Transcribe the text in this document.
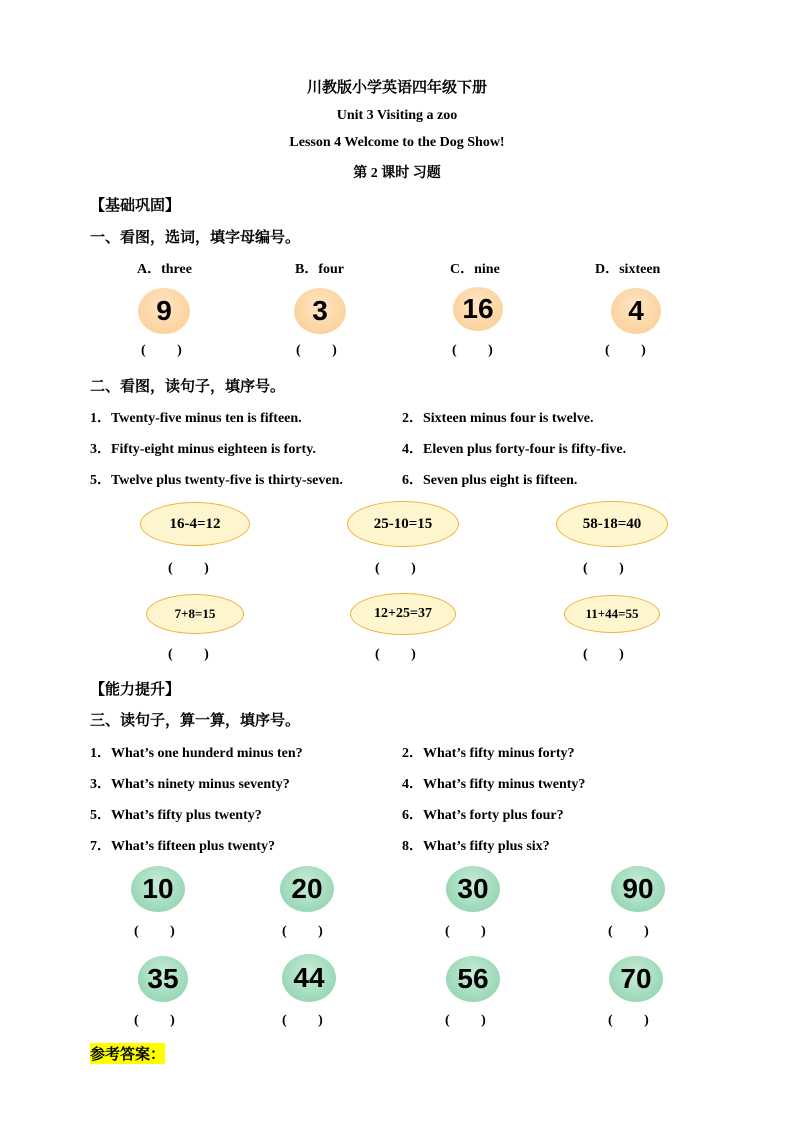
川教版小学英语四年级下册
Unit 3 Visiting a zoo
Lesson 4 Welcome to the Dog Show!
第 2 课时 习题
【基础巩固】
一、看图，选词，填字母编号。
A．three	B．four	C．nine	D．sixteen
9	3	16	4
(         )	(         )	(         )	(         )
二、看图，读句子，填序号。
1．Twenty-five minus ten is fifteen.	2．Sixteen minus four is twelve.
3．Fifty-eight minus eighteen is forty.	4．Eleven plus forty-four is fifty-five.
5．Twelve plus twenty-five is thirty-seven.	6．Seven plus eight is fifteen.
16-4=12	25-10=15	58-18=40
(         )	(         )	(         )
7+8=15	12+25=37	11+44=55
(         )	(         )	(         )
【能力提升】
三、读句子，算一算，填序号。
1．What’s one hunderd minus ten?	2．What’s fifty minus forty?
3．What’s ninety minus seventy?	4．What’s fifty minus twenty?
5．What’s fifty plus twenty?	6．What’s forty plus four?
7．What’s fifteen plus twenty?	8．What’s fifty plus six?
10	20	30	90
(         )	(         )	(         )	(         )
35	44	56	70
(         )	(         )	(         )	(         )
参考答案：
